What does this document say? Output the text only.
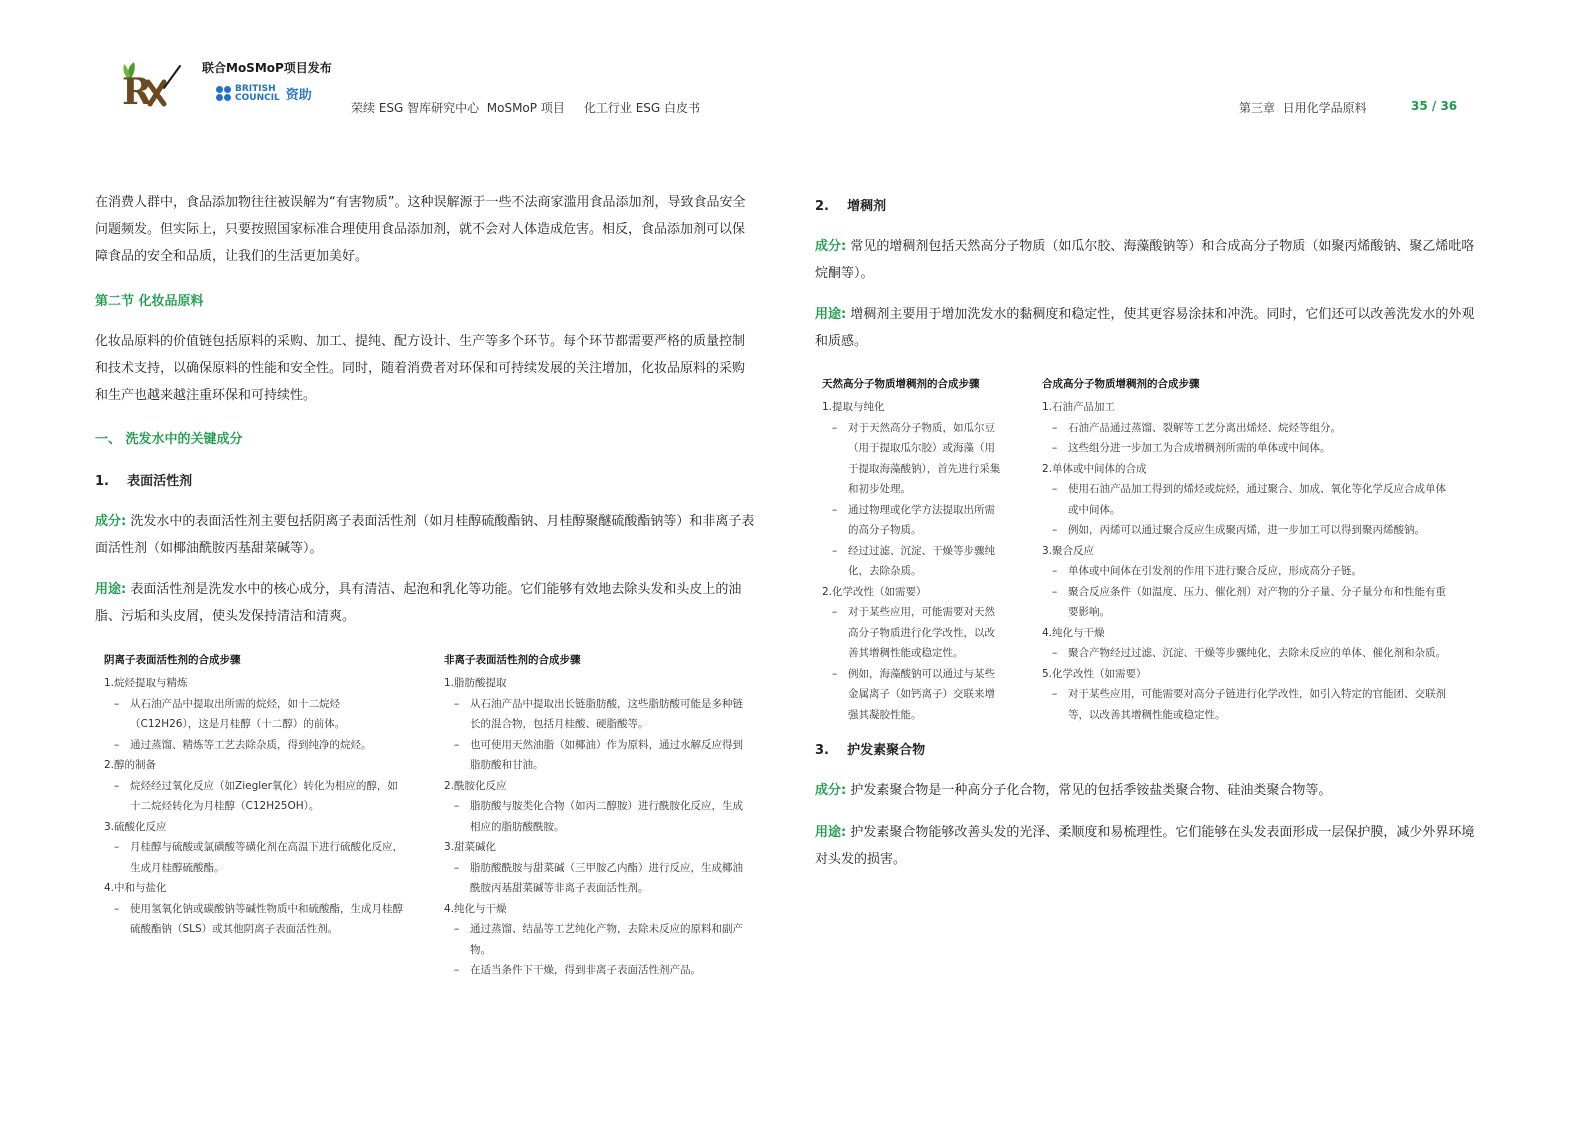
R
联合MoSMoP项目发布
BRITISH
COUNCIL 资助
荣续 ESG 智库研究中心  MoSMoP 项目     化工行业 ESG 白皮书	第三章  日用化学品原料	35 / 36
在消费人群中，食品添加物往往被误解为“有害物质”。这种误解源于一些不法商家滥用食品添加剂，导致食品安全问题频发。但实际上，只要按照国家标准合理使用食品添加剂，就不会对人体造成危害。相反，食品添加剂可以保障食品的安全和品质，让我们的生活更加美好。
第二节 化妆品原料
化妆品原料的价值链包括原料的采购、加工、提纯、配方设计、生产等多个环节。每个环节都需要严格的质量控制和技术支持，以确保原料的性能和安全性。同时，随着消费者对环保和可持续发展的关注增加，化妆品原料的采购和生产也越来越注重环保和可持续性。
一、 洗发水中的关键成分
1.    表面活性剂
成分: 洗发水中的表面活性剂主要包括阴离子表面活性剂（如月桂醇硫酸酯钠、月桂醇聚醚硫酸酯钠等）和非离子表面活性剂（如椰油酰胺丙基甜菜碱等）。
用途: 表面活性剂是洗发水中的核心成分，具有清洁、起泡和乳化等功能。它们能够有效地去除头发和头皮上的油脂、污垢和头皮屑，使头发保持清洁和清爽。
阴离子表面活性剂的合成步骤
1.烷烃提取与精炼
–	从石油产品中提取出所需的烷烃，如十二烷烃（C12H26），这是月桂醇（十二醇）的前体。
–	通过蒸馏、精炼等工艺去除杂质，得到纯净的烷烃。
2.醇的制备
–	烷烃经过氧化反应（如Ziegler氧化）转化为相应的醇，如十二烷烃转化为月桂醇（C12H25OH）。
3.硫酸化反应
–	月桂醇与硫酸或氯磺酸等磺化剂在高温下进行硫酸化反应，生成月桂醇硫酸酯。
4.中和与盐化
–	使用氢氧化钠或碳酸钠等碱性物质中和硫酸酯，生成月桂醇硫酸酯钠（SLS）或其他阴离子表面活性剂。
非离子表面活性剂的合成步骤
1.脂肪酸提取
–	从石油产品中提取出长链脂肪酸，这些脂肪酸可能是多种链长的混合物，包括月桂酸、硬脂酸等。
–	也可使用天然油脂（如椰油）作为原料，通过水解反应得到脂肪酸和甘油。
2.酰胺化反应
–	脂肪酸与胺类化合物（如丙二醇胺）进行酰胺化反应，生成相应的脂肪酸酰胺。
3.甜菜碱化
–	脂肪酸酰胺与甜菜碱（三甲胺乙内酯）进行反应，生成椰油酰胺丙基甜菜碱等非离子表面活性剂。
4.纯化与干燥
–	通过蒸馏、结晶等工艺纯化产物，去除未反应的原料和副产物。
–	在适当条件下干燥，得到非离子表面活性剂产品。
2.    增稠剂
成分: 常见的增稠剂包括天然高分子物质（如瓜尔胶、海藻酸钠等）和合成高分子物质（如聚丙烯酸钠、聚乙烯吡咯烷酮等）。
用途: 增稠剂主要用于增加洗发水的黏稠度和稳定性，使其更容易涂抹和冲洗。同时，它们还可以改善洗发水的外观和质感。
天然高分子物质增稠剂的合成步骤
1.提取与纯化
–	对于天然高分子物质，如瓜尔豆（用于提取瓜尔胶）或海藻（用于提取海藻酸钠），首先进行采集和初步处理。
–	通过物理或化学方法提取出所需的高分子物质。
–	经过过滤、沉淀、干燥等步骤纯化，去除杂质。
2.化学改性（如需要）
–	对于某些应用，可能需要对天然高分子物质进行化学改性，以改善其增稠性能或稳定性。
–	例如，海藻酸钠可以通过与某些金属离子（如钙离子）交联来增强其凝胶性能。
合成高分子物质增稠剂的合成步骤
1.石油产品加工
–	石油产品通过蒸馏、裂解等工艺分离出烯烃、烷烃等组分。
–	这些组分进一步加工为合成增稠剂所需的单体或中间体。
2.单体或中间体的合成
–	使用石油产品加工得到的烯烃或烷烃，通过聚合、加成、氧化等化学反应合成单体或中间体。
–	例如，丙烯可以通过聚合反应生成聚丙烯，进一步加工可以得到聚丙烯酸钠。
3.聚合反应
–	单体或中间体在引发剂的作用下进行聚合反应，形成高分子链。
–	聚合反应条件（如温度、压力、催化剂）对产物的分子量、分子量分布和性能有重要影响。
4.纯化与干燥
–	聚合产物经过过滤、沉淀、干燥等步骤纯化，去除未反应的单体、催化剂和杂质。
5.化学改性（如需要）
–	对于某些应用，可能需要对高分子链进行化学改性，如引入特定的官能团、交联剂等，以改善其增稠性能或稳定性。
3.    护发素聚合物
成分: 护发素聚合物是一种高分子化合物，常见的包括季铵盐类聚合物、硅油类聚合物等。
用途: 护发素聚合物能够改善头发的光泽、柔顺度和易梳理性。它们能够在头发表面形成一层保护膜，减少外界环境对头发的损害。
